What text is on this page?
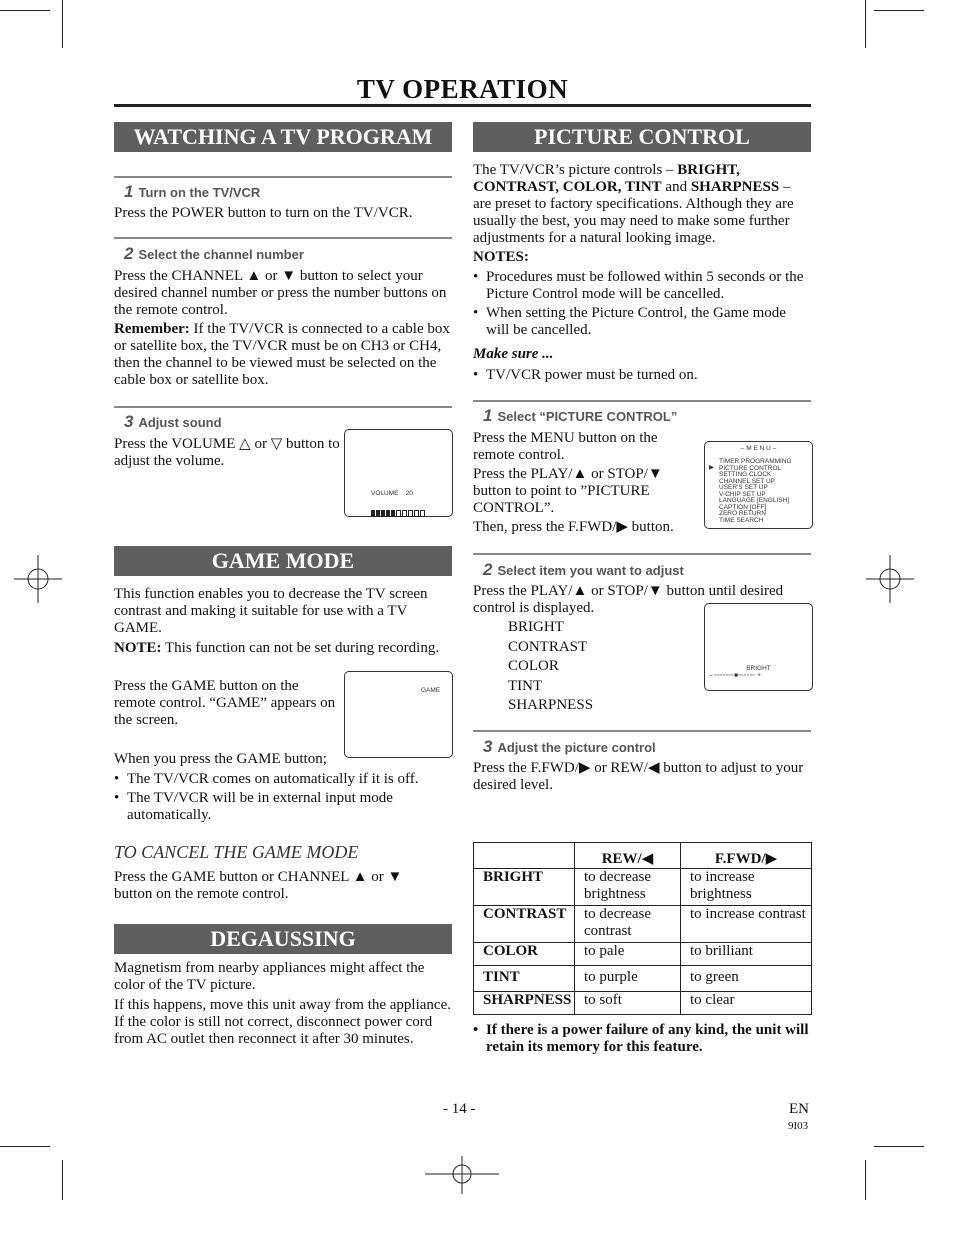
TV OPERATION
WATCHING A TV PROGRAM
1 Turn on the TV/VCR

Press the POWER button to turn on the TV/VCR.

2 Select the channel number

Press the CHANNEL ▲ or ▼ button to select your desired channel number or press the number buttons on the remote control.

Remember: If the TV/VCR is connected to a cable box or satellite box, the TV/VCR must be on CH3 or CH4, then the channel to be viewed must be selected on the cable box or satellite box.

3 Adjust sound

Press the VOLUME △ or ▽ button to adjust the volume.

VOLUME 20
GAME MODE

This function enables you to decrease the TV screen contrast and making it suitable for use with a TV GAME.

NOTE: This function can not be set during recording.

Press the GAME button on the remote control. “GAME” appears on the screen.

GAME

When you press the GAME button;

• The TV/VCR comes on automatically if it is off.
• The TV/VCR will be in external input mode automatically.
TO CANCEL THE GAME MODE

Press the GAME button or CHANNEL ▲ or ▼ button on the remote control.

DEGAUSSING

Magnetism from nearby appliances might affect the color of the TV picture.

If this happens, move this unit away from the appliance. If the color is still not correct, disconnect power cord from AC outlet then reconnect it after 30 minutes.

PICTURE CONTROL

The TV/VCR’s picture controls – BRIGHT, CONTRAST, COLOR, TINT and SHARPNESS – are preset to factory specifications. Although they are usually the best, you may need to make some further adjustments for a natural looking image.

NOTES:

• Procedures must be followed within 5 seconds or the Picture Control mode will be cancelled.
• When setting the Picture Control, the Game mode will be cancelled.

Make sure ...

• TV/VCR power must be turned on.
1 Select “PICTURE CONTROL”

Press the MENU button on the remote control.

Press the PLAY/▲ or STOP/▼ button to point to ”PICTURE CONTROL”.

Then, press the F.FWD/▶ button.

– M E N U –
▶
TIMER PROGRAMMING
PICTURE CONTROL
SETTING CLOCK
CHANNEL SET UP
USER'S SET UP
V-CHIP SET UP
LANGUAGE [ENGLISH]
CAPTION [OFF]
ZERO RETURN
TIME SEARCH
2 Select item you want to adjust

Press the PLAY/▲ or STOP/▼ button until desired control is displayed.

BRIGHT
CONTRAST
COLOR
TINT
SHARPNESS
BRIGHT
– ▫▫▫▫▫▫▫■▫▫▫▫▫▫ +
3 Adjust the picture control

Press the F.FWD/▶ or REW/◀ button to adjust to your desired level.

	REW/◀	F.FWD/▶
BRIGHT	to decrease brightness	to increase brightness
CONTRAST	to decrease contrast	to increase contrast
COLOR	to pale	to brilliant
TINT	to purple	to green
SHARPNESS	to soft	to clear
• If there is a power failure of any kind, the unit will retain its memory for this feature.
- 14 -	EN
9I03
